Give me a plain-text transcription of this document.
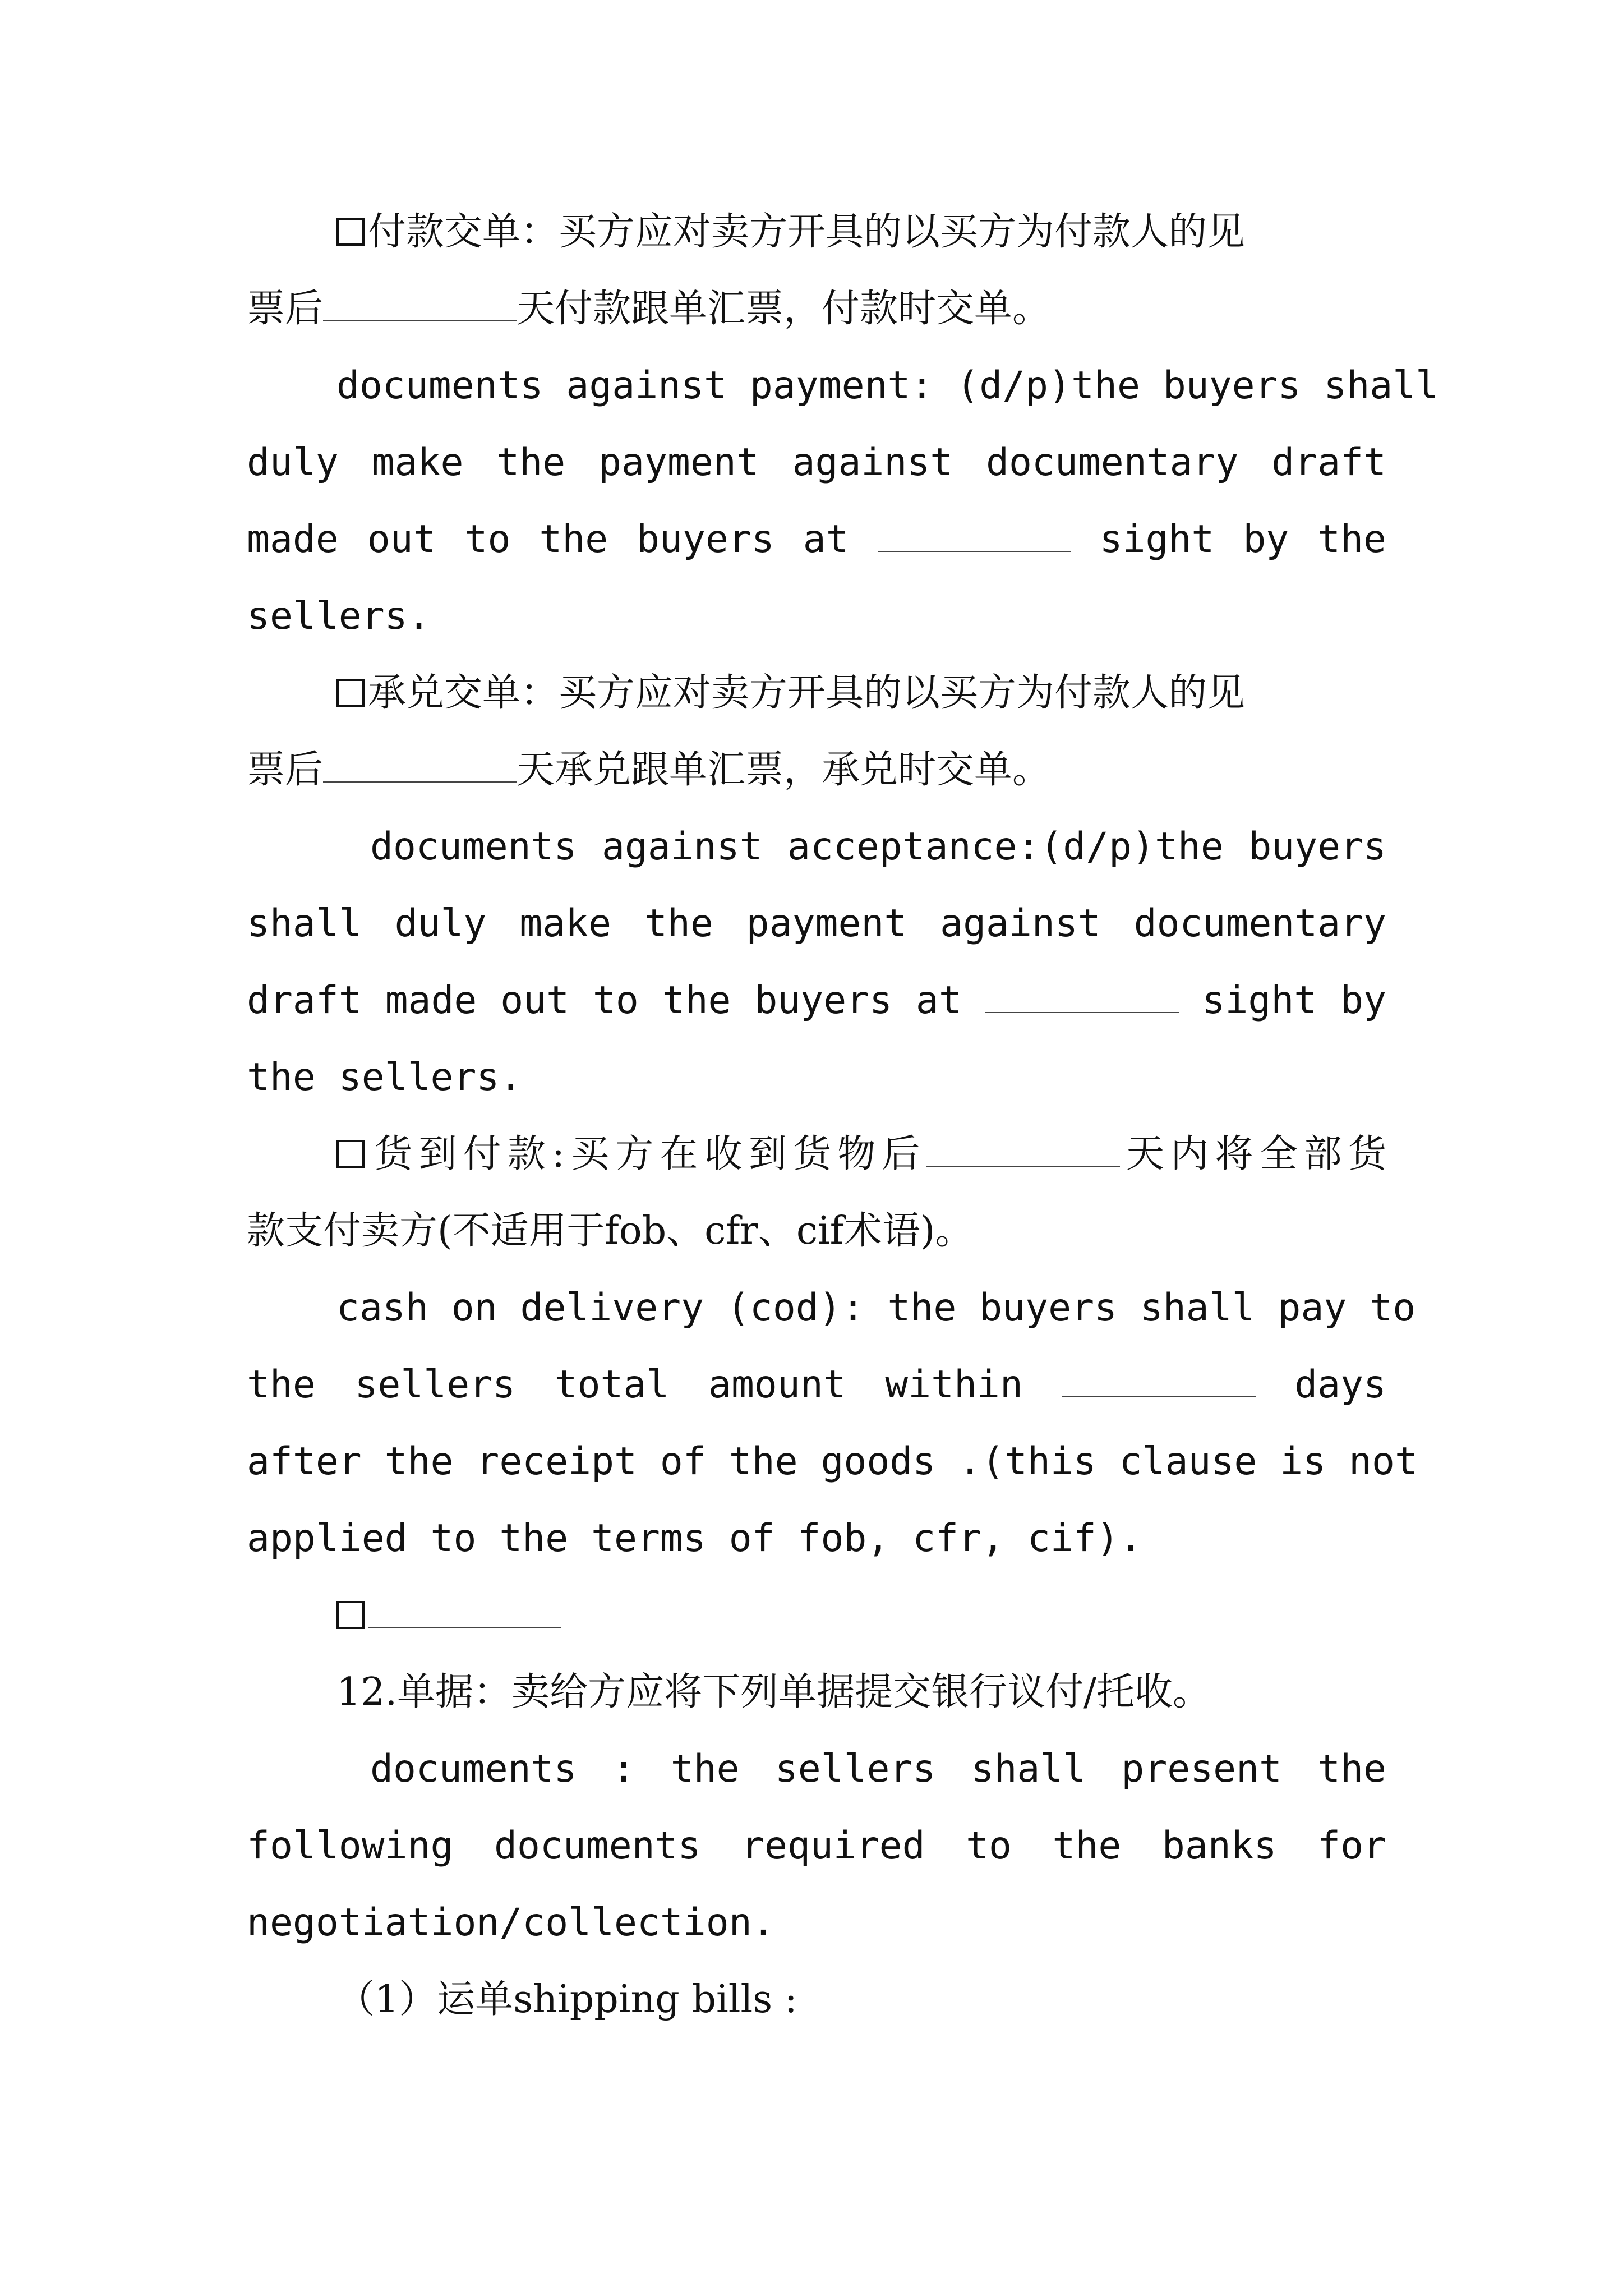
付款交单：买方应对卖方开具的以买方为付款人的见
票后	天付款跟单汇票，付款时交单。
documents against payment: (d/p)the buyers shall
duly make the payment against documentary draft
made out to the buyers at	sight by the
sellers.
承兑交单：买方应对卖方开具的以买方为付款人的见
票后	天承兑跟单汇票，承兑时交单。
documents against acceptance:(d/p)the buyers
shall duly make the payment against documentary
draft made out to the buyers at	sight by
the sellers.
货到付款:买方在收到货物后	天内将全部货
款支付卖方(不适用于fob、cfr、cif术语)。
cash on delivery (cod): the buyers shall pay to
the sellers total amount within	days
after the receipt of the goods .(this clause is not
applied to the terms of fob, cfr, cif).
12.单据：卖给方应将下列单据提交银行议付/托收。
documents : the sellers shall present the
following documents required to the banks for
negotiation/collection.
（1）运单shipping bills :
